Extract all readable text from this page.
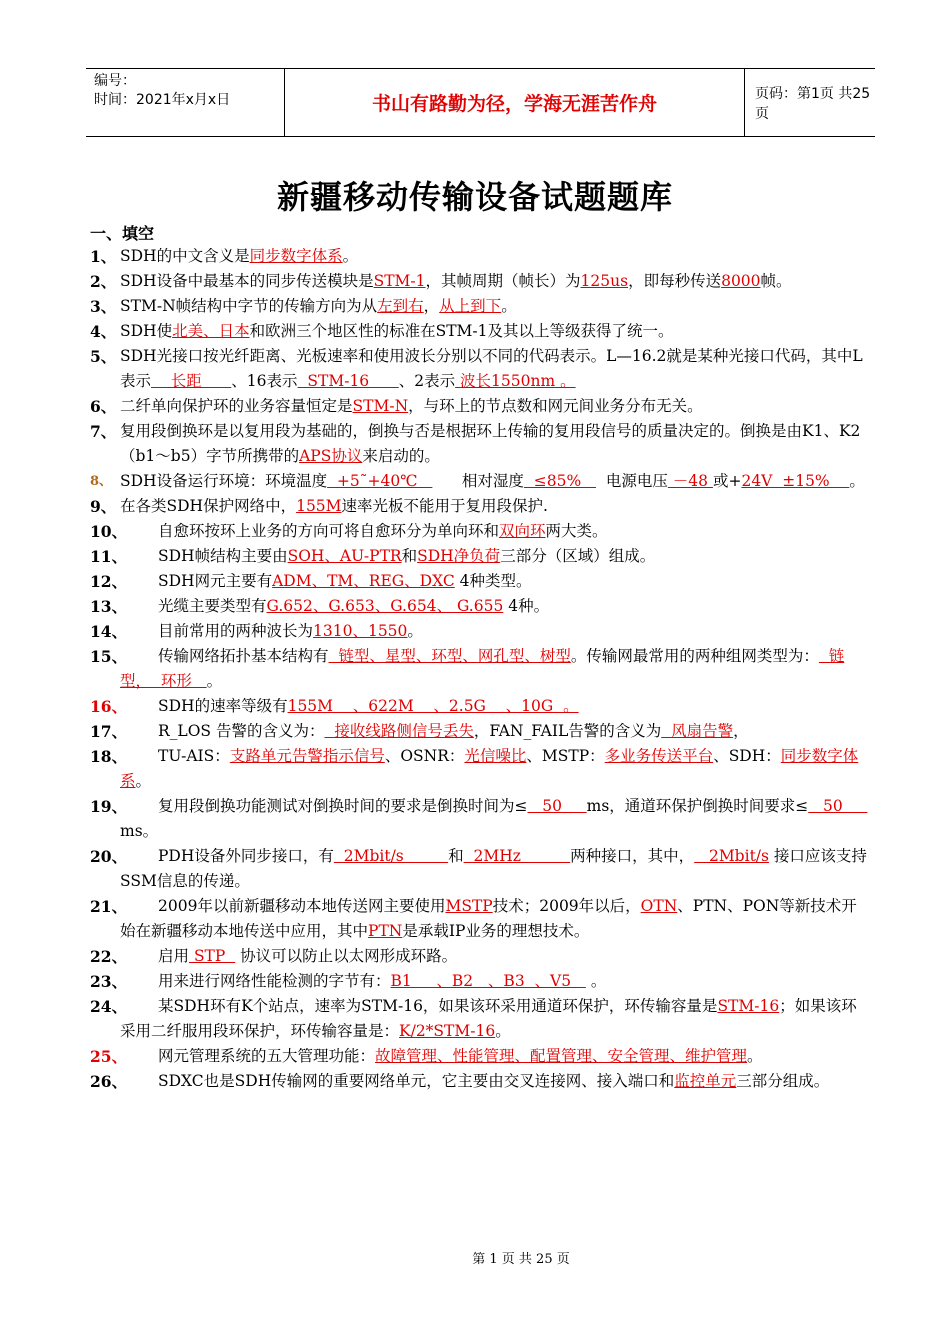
编号：
时间：2021年x月x日	书山有路勤为径，学海无涯苦作舟	页码：第1页 共25页
新疆移动传输设备试题题库
一、填空
1、 SDH的中文含义是同步数字体系。
2、 SDH设备中最基本的同步传送模块是STM-1，其帧周期（帧长）为125us，即每秒传送8000帧。
3、 STM-N帧结构中字节的传输方向为从左到右，从上到下。
4、 SDH使北美、日本和欧洲三个地区性的标准在STM-1及其以上等级获得了统一。
5、 SDH光接口按光纤距离、光板速率和使用波长分别以不同的代码表示。L—16.2就是某种光接口代码，其中L表示    长距      、16表示  STM-16      、2表示 波长1550nm 。
6、 二纤单向保护环的业务容量恒定是STM-N，与环上的节点数和网元间业务分布无关。
7、 复用段倒换环是以复用段为基础的，倒换与否是根据环上传输的复用段信号的质量决定的。倒换是由K1、K2（b1～b5）字节所携带的APS协议来启动的。
8、 SDH设备运行环境：环境温度  +5˜+40℃         相对湿度  ≤85%     电源电压 －48 或+24V  ±15%    。
9、 在各类SDH保护网络中，155M速率光板不能用于复用段保护.
10、	自愈环按环上业务的方向可将自愈环分为单向环和双向环两大类。
11、	SDH帧结构主要由SOH、AU-PTR和SDH净负荷三部分（区域）组成。
12、	SDH网元主要有ADM、TM、REG、DXC 4种类型。
13、	光缆主要类型有G.652、G.653、G.654、 G.655 4种。
14、	目前常用的两种波长为1310、1550。
15、	传输网络拓扑基本结构有  链型、星型、环型、网孔型、树型。传输网最常用的两种组网类型为：  链型，  环形   。
16、	SDH的速率等级有155M    、622M    、2.5G    、10G  。
17、	R_LOS 告警的含义为：  接收线路侧信号丢失，FAN_FAIL告警的含义为  风扇告警，
18、	TU-AIS：支路单元告警指示信号、OSNR：光信噪比、MSTP：多业务传送平台、SDH：同步数字体系。
19、	复用段倒换功能测试对倒换时间的要求是倒换时间为≤   50     ms，通道环保护倒换时间要求≤   50     ms。
20、	PDH设备外同步接口，有  2Mbit/s         和  2MHz          两种接口，其中，   2Mbit/s 接口应该支持SSM信息的传递。
21、	2009年以前新疆移动本地传送网主要使用MSTP技术；2009年以后，OTN、PTN、PON等新技术开始在新疆移动本地传送中应用，其中PTN是承载IP业务的理想技术。
22、	启用 STP   协议可以防止以太网形成环路。
23、	用来进行网络性能检测的字节有：B1     、B2   、B3  、V5    。
24、	某SDH环有K个站点，速率为STM-16，如果该环采用通道环保护，环传输容量是STM-16；如果该环采用二纤服用段环保护，环传输容量是：K/2*STM-16。
25、	网元管理系统的五大管理功能：故障管理、性能管理、配置管理、安全管理、维护管理。
26、	SDXC也是SDH传输网的重要网络单元，它主要由交叉连接网、接入端口和监控单元三部分组成。
第 1 页 共 25 页
